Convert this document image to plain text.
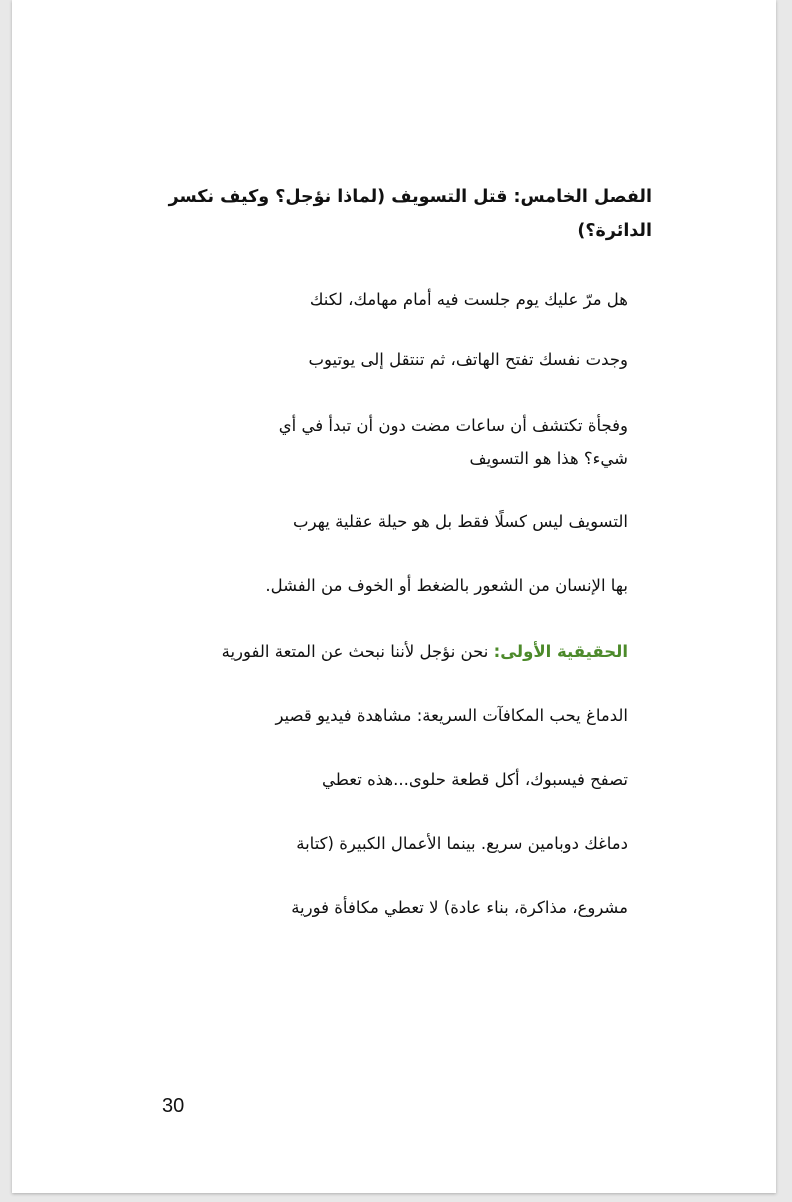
الفصل الخامس: قتل التسويف (لماذا نؤجل؟ وكيف نكسر الدائرة؟)
هل مرّ عليك يوم جلست فيه أمام مهامك، لكنك
وجدت نفسك تفتح الهاتف، ثم تنتقل إلى يوتيوب
وفجأة تكتشف أن ساعات مضت دون أن تبدأ في أي شيء؟ هذا هو التسويف
التسويف ليس كسلًا فقط بل هو حيلة عقلية يهرب
بها الإنسان من الشعور بالضغط أو الخوف من الفشل.
الحقيقية الأولى: نحن نؤجل لأننا نبحث عن المتعة الفورية
الدماغ يحب المكافآت السريعة: مشاهدة فيديو قصير
تصفح فيسبوك، أكل قطعة حلوى...هذه تعطي
دماغك دوبامين سريع. بينما الأعمال الكبيرة (كتابة
مشروع، مذاكرة، بناء عادة) لا تعطي مكافأة فورية
30
